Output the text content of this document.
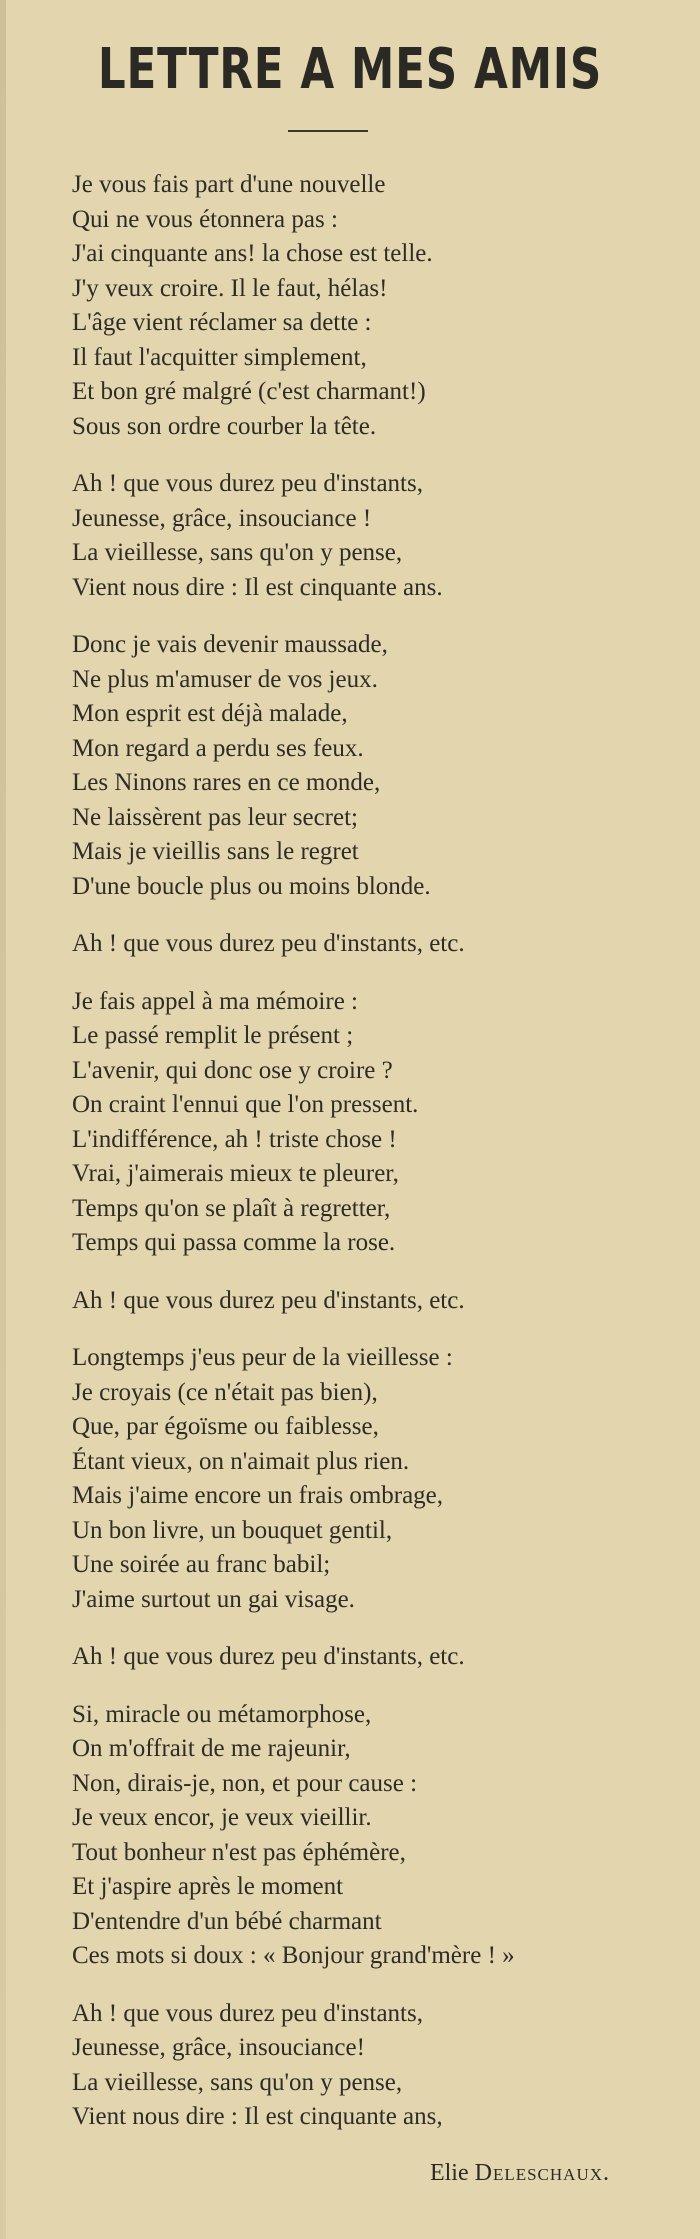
LETTRE A MES AMIS
Je vous fais part d'une nouvelle
Qui ne vous étonnera pas :
J'ai cinquante ans! la chose est telle.
J'y veux croire. Il le faut, hélas!
L'âge vient réclamer sa dette :
Il faut l'acquitter simplement,
Et bon gré malgré (c'est charmant!)
Sous son ordre courber la tête.
Ah ! que vous durez peu d'instants,
Jeunesse, grâce, insouciance !
La vieillesse, sans qu'on y pense,
Vient nous dire : Il est cinquante ans.
Donc je vais devenir maussade,
Ne plus m'amuser de vos jeux.
Mon esprit est déjà malade,
Mon regard a perdu ses feux.
Les Ninons rares en ce monde,
Ne laissèrent pas leur secret;
Mais je vieillis sans le regret
D'une boucle plus ou moins blonde.
Ah ! que vous durez peu d'instants, etc.
Je fais appel à ma mémoire :
Le passé remplit le présent ;
L'avenir, qui donc ose y croire ?
On craint l'ennui que l'on pressent.
L'indifférence, ah ! triste chose !
Vrai, j'aimerais mieux te pleurer,
Temps qu'on se plaît à regretter,
Temps qui passa comme la rose.
Ah ! que vous durez peu d'instants, etc.
Longtemps j'eus peur de la vieillesse :
Je croyais (ce n'était pas bien),
Que, par égoïsme ou faiblesse,
Étant vieux, on n'aimait plus rien.
Mais j'aime encore un frais ombrage,
Un bon livre, un bouquet gentil,
Une soirée au franc babil;
J'aime surtout un gai visage.
Ah ! que vous durez peu d'instants, etc.
Si, miracle ou métamorphose,
On m'offrait de me rajeunir,
Non, dirais-je, non, et pour cause :
Je veux encor, je veux vieillir.
Tout bonheur n'est pas éphémère,
Et j'aspire après le moment
D'entendre d'un bébé charmant
Ces mots si doux : « Bonjour grand'mère ! »
Ah ! que vous durez peu d'instants,
Jeunesse, grâce, insouciance!
La vieillesse, sans qu'on y pense,
Vient nous dire : Il est cinquante ans,
Elie Deleschaux.
